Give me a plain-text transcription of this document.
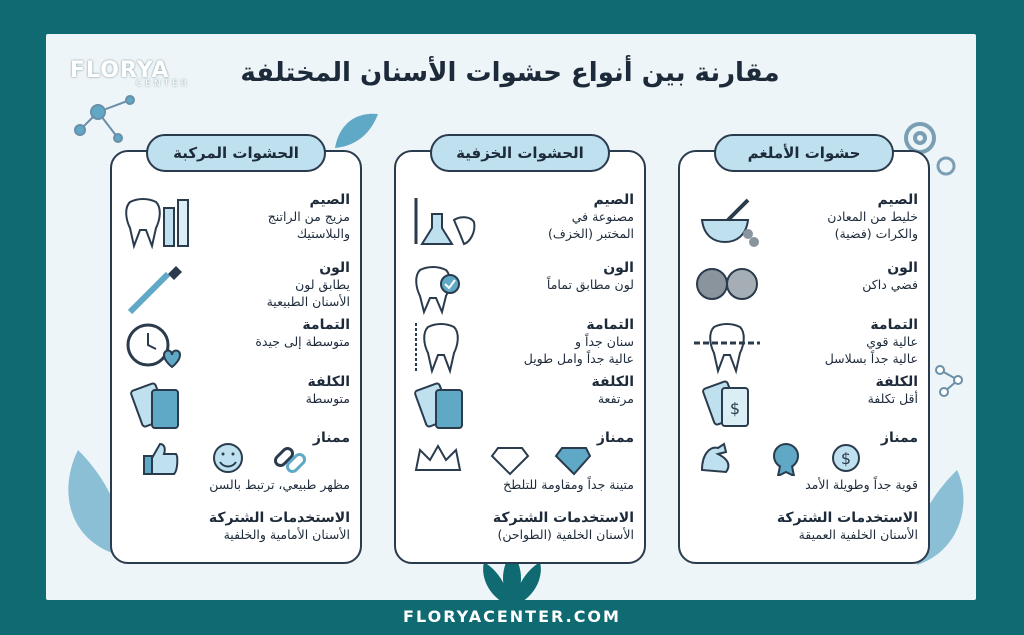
FLORYA
CENTER	مقارنة بين أنواع حشوات الأسنان المختلفة
حشوات الأملغم
الصيم
خليط من المعادن
والكرات (فضية)
الون
فضي داكن
التمامة
عالية قوي
عالية جداً بسلاسل
الكلفة
أقل تكلفة
$
ممناز
قوية جداً وطويلة الأمد
$
الاستخدمات الشتركة
الأسنان الخلفية العميقة
الحشوات الخزفية
الصيم
مصنوعة في
المختبر (الخزف)
الون
لون مطابق تماماً
التمامة
سنان جداً و
عالية جداً وامل طويل
الكلفة
مرتفعة
ممناز
متينة جداً ومقاومة للتلطخ
الاستخدمات الشتركة
الأسنان الخلفية (الطواحن)
الحشوات المركبة
الصيم
مزيج من الراتنج
والبلاستيك
الون
يطابق لون
الأسنان الطبيعية
التمامة
متوسطة إلى جيدة
الكلفة
متوسطة
ممناز
مظهر طبيعي، ترتبط بالسن
الاستخدمات الشتركة
الأسنان الأمامية والخلفية
FLORYACENTER.COM
